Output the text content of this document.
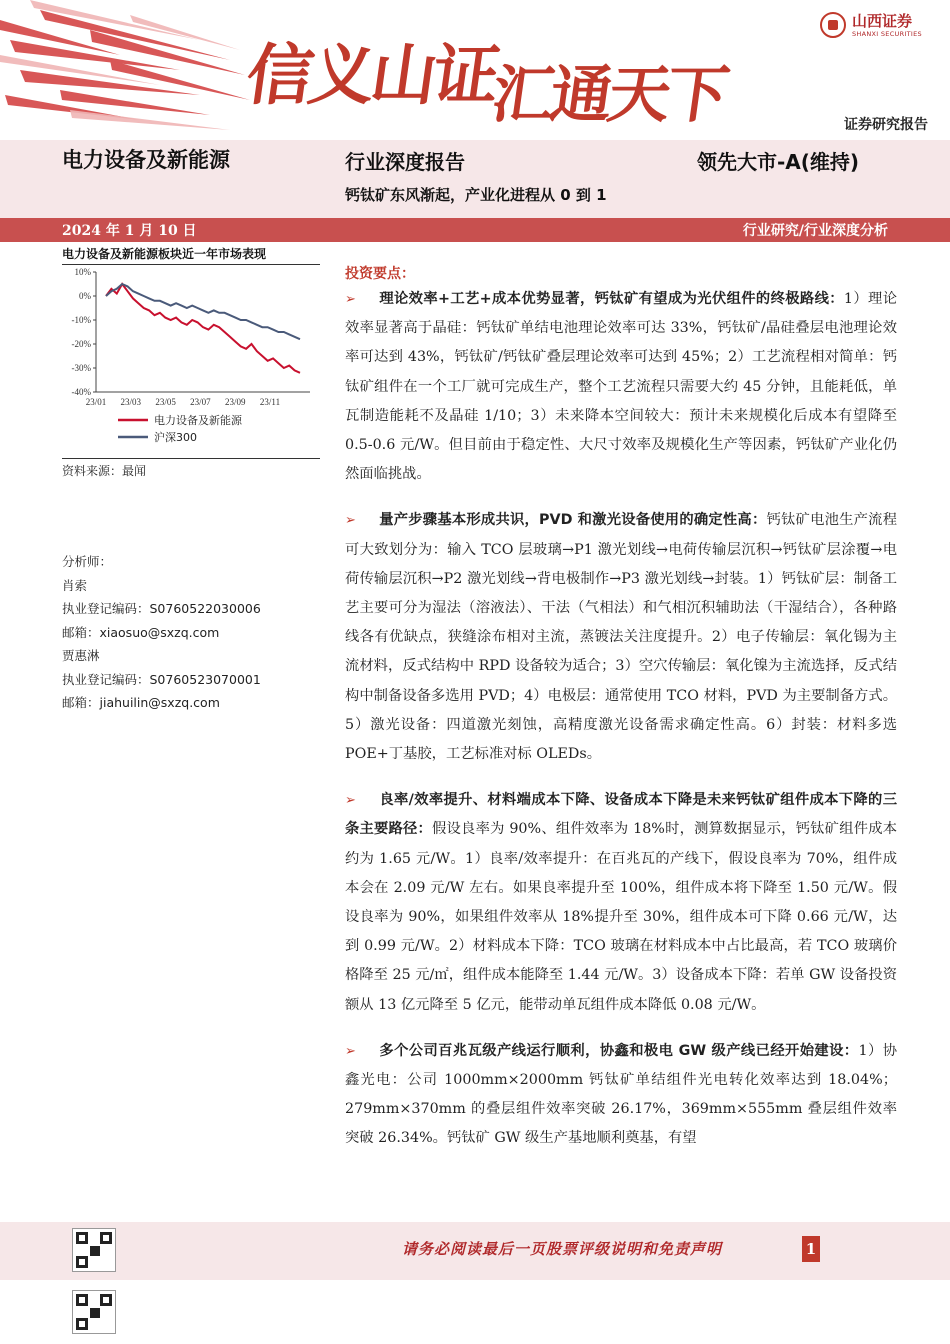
信义山证汇通天下
山西证券
SHANXI SECURITIES
证券研究报告
电力设备及新能源	行业深度报告	领先大市-A(维持)
钙钛矿东风渐起，产业化进程从 0 到 1
2024 年 1 月 10 日	行业研究/行业深度分析
电力设备及新能源板块近一年市场表现
10%
0%
-10%
-20%
-30%
-40%
23/01 23/03 23/05 23/07 23/09 23/11
电力设备及新能源
沪深300
资料来源：最闻
分析师：
肖索
执业登记编码：S0760522030006
邮箱：xiaosuo@sxzq.com
贾惠淋
执业登记编码：S0760523070001
邮箱：jiahuilin@sxzq.com
投资要点：

➢ 理论效率+工艺+成本优势显著，钙钛矿有望成为光伏组件的终极路线：1）理论效率显著高于晶硅：钙钛矿单结电池理论效率可达 33%，钙钛矿/晶硅叠层电池理论效率可达到 43%，钙钛矿/钙钛矿叠层理论效率可达到 45%；2）工艺流程相对简单：钙钛矿组件在一个工厂就可完成生产，整个工艺流程只需要大约 45 分钟，且能耗低，单瓦制造能耗不及晶硅 1/10；3）未来降本空间较大：预计未来规模化后成本有望降至 0.5-0.6 元/W。但目前由于稳定性、大尺寸效率及规模化生产等因素，钙钛矿产业化仍然面临挑战。

➢ 量产步骤基本形成共识，PVD 和激光设备使用的确定性高：钙钛矿电池生产流程可大致划分为：输入 TCO 层玻璃→P1 激光划线→电荷传输层沉积→钙钛矿层涂覆→电荷传输层沉积→P2 激光划线→背电极制作→P3 激光划线→封装。1）钙钛矿层：制备工艺主要可分为湿法（溶液法）、干法（气相法）和气相沉积辅助法（干湿结合），各种路线各有优缺点，狭缝涂布相对主流，蒸镀法关注度提升。2）电子传输层：氧化锡为主流材料，反式结构中 RPD 设备较为适合；3）空穴传输层：氧化镍为主流选择，反式结构中制备设备多选用 PVD；4）电极层：通常使用 TCO 材料，PVD 为主要制备方式。5）激光设备：四道激光刻蚀，高精度激光设备需求确定性高。6）封装：材料多选 POE+丁基胶，工艺标准对标 OLEDs。

➢ 良率/效率提升、材料端成本下降、设备成本下降是未来钙钛矿组件成本下降的三条主要路径：假设良率为 90%、组件效率为 18%时，测算数据显示，钙钛矿组件成本约为 1.65 元/W。1）良率/效率提升：在百兆瓦的产线下，假设良率为 70%，组件成本会在 2.09 元/W 左右。如果良率提升至 100%，组件成本将下降至 1.50 元/W。假设良率为 90%，如果组件效率从 18%提升至 30%，组件成本可下降 0.66 元/W，达到 0.99 元/W。2）材料成本下降：TCO 玻璃在材料成本中占比最高，若 TCO 玻璃价格降至 25 元/㎡，组件成本能降至 1.44 元/W。3）设备成本下降：若单 GW 设备投资额从 13 亿元降至 5 亿元，能带动单瓦组件成本降低 0.08 元/W。

➢ 多个公司百兆瓦级产线运行顺利，协鑫和极电 GW 级产线已经开始建设：1）协鑫光电：公司 1000mm×2000mm 钙钛矿单结组件光电转化效率达到 18.04%；279mm×370mm 的叠层组件效率突破 26.17%，369mm×555mm 叠层组件效率突破 26.34%。钙钛矿 GW 级生产基地顺利奠基，有望

请务必阅读最后一页股票评级说明和免责声明	1
